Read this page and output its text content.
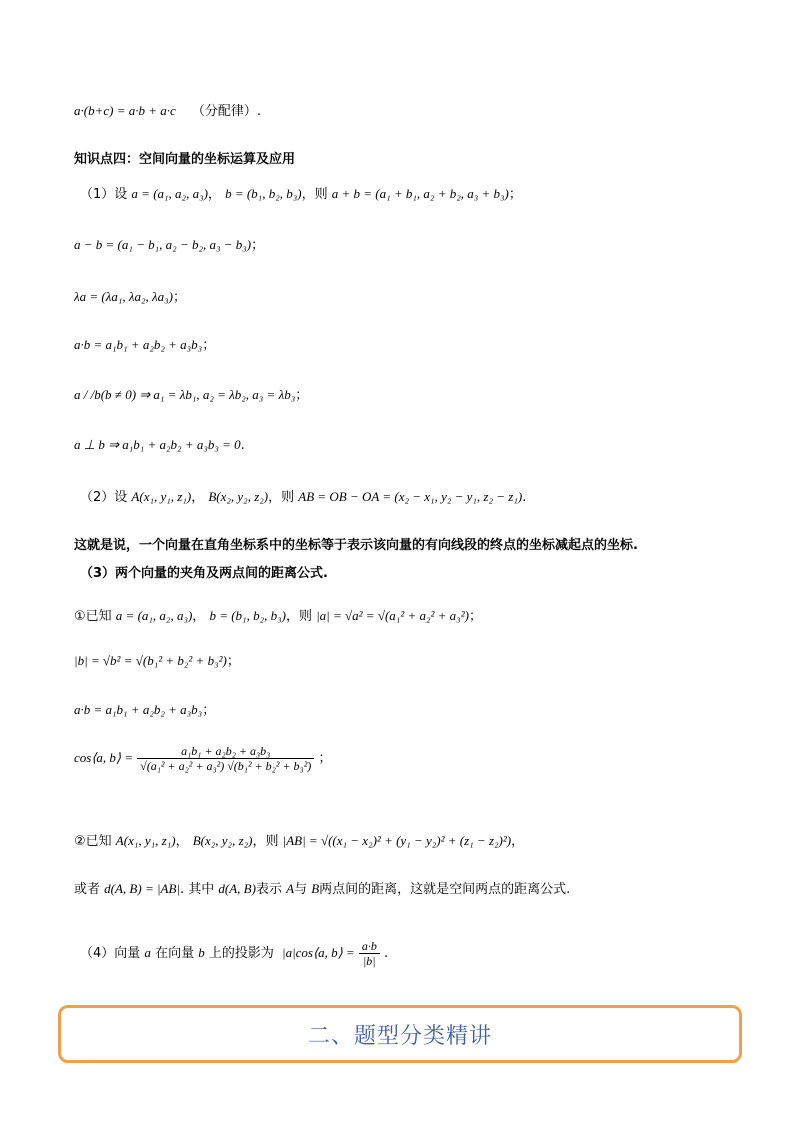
a·(b+c) = a·b + a·c （分配律）.
知识点四：空间向量的坐标运算及应用
（1）设 a = (a₁, a₂, a₃)， b = (b₁, b₂, b₃)，则 a + b = (a₁ + b₁, a₂ + b₂, a₃ + b₃)；
a − b = (a₁ − b₁, a₂ − b₂, a₃ − b₃)；
λa = (λa₁, λa₂, λa₃)；
a·b = a₁b₁ + a₂b₂ + a₃b₃；
a / /b(b ≠ 0) ⇒ a₁ = λb₁, a₂ = λb₂, a₃ = λb₃；
a ⊥ b ⇒ a₁b₁ + a₂b₂ + a₃b₃ = 0.
（2）设 A(x₁, y₁, z₁)， B(x₂, y₂, z₂)，则 AB = OB − OA = (x₂ − x₁, y₂ − y₁, z₂ − z₁).
这就是说，一个向量在直角坐标系中的坐标等于表示该向量的有向线段的终点的坐标减起点的坐标.
（3）两个向量的夹角及两点间的距离公式.
①已知 a = (a₁, a₂, a₃)， b = (b₁, b₂, b₃)，则 |a| = √a² = √(a₁² + a₂² + a₃²)；
|b| = √b² = √(b₁² + b₂² + b₃²)；
a·b = a₁b₁ + a₂b₂ + a₃b₃；
cos⟨a, b⟩ = $\frac{\text{a₁b₁ + a₂b₂ + a₃b₃}}{\text{√(a₁² + a₂² + a₃²) √(b₁² + b₂² + b₃²)}}$ ；
②已知 A(x₁, y₁, z₁)， B(x₂, y₂, z₂)，则 |AB| = √((x₁ − x₂)² + (y₁ − y₂)² + (z₁ − z₂)²)，
或者 d(A, B) = |AB|. 其中 d(A, B)表示 A与 B两点间的距离，这就是空间两点的距离公式.
（4）向量 a 在向量 b 上的投影为 |a|cos⟨a, b⟩ = $\frac{a\cdot b}{|b|}$ .
二、题型分类精讲
